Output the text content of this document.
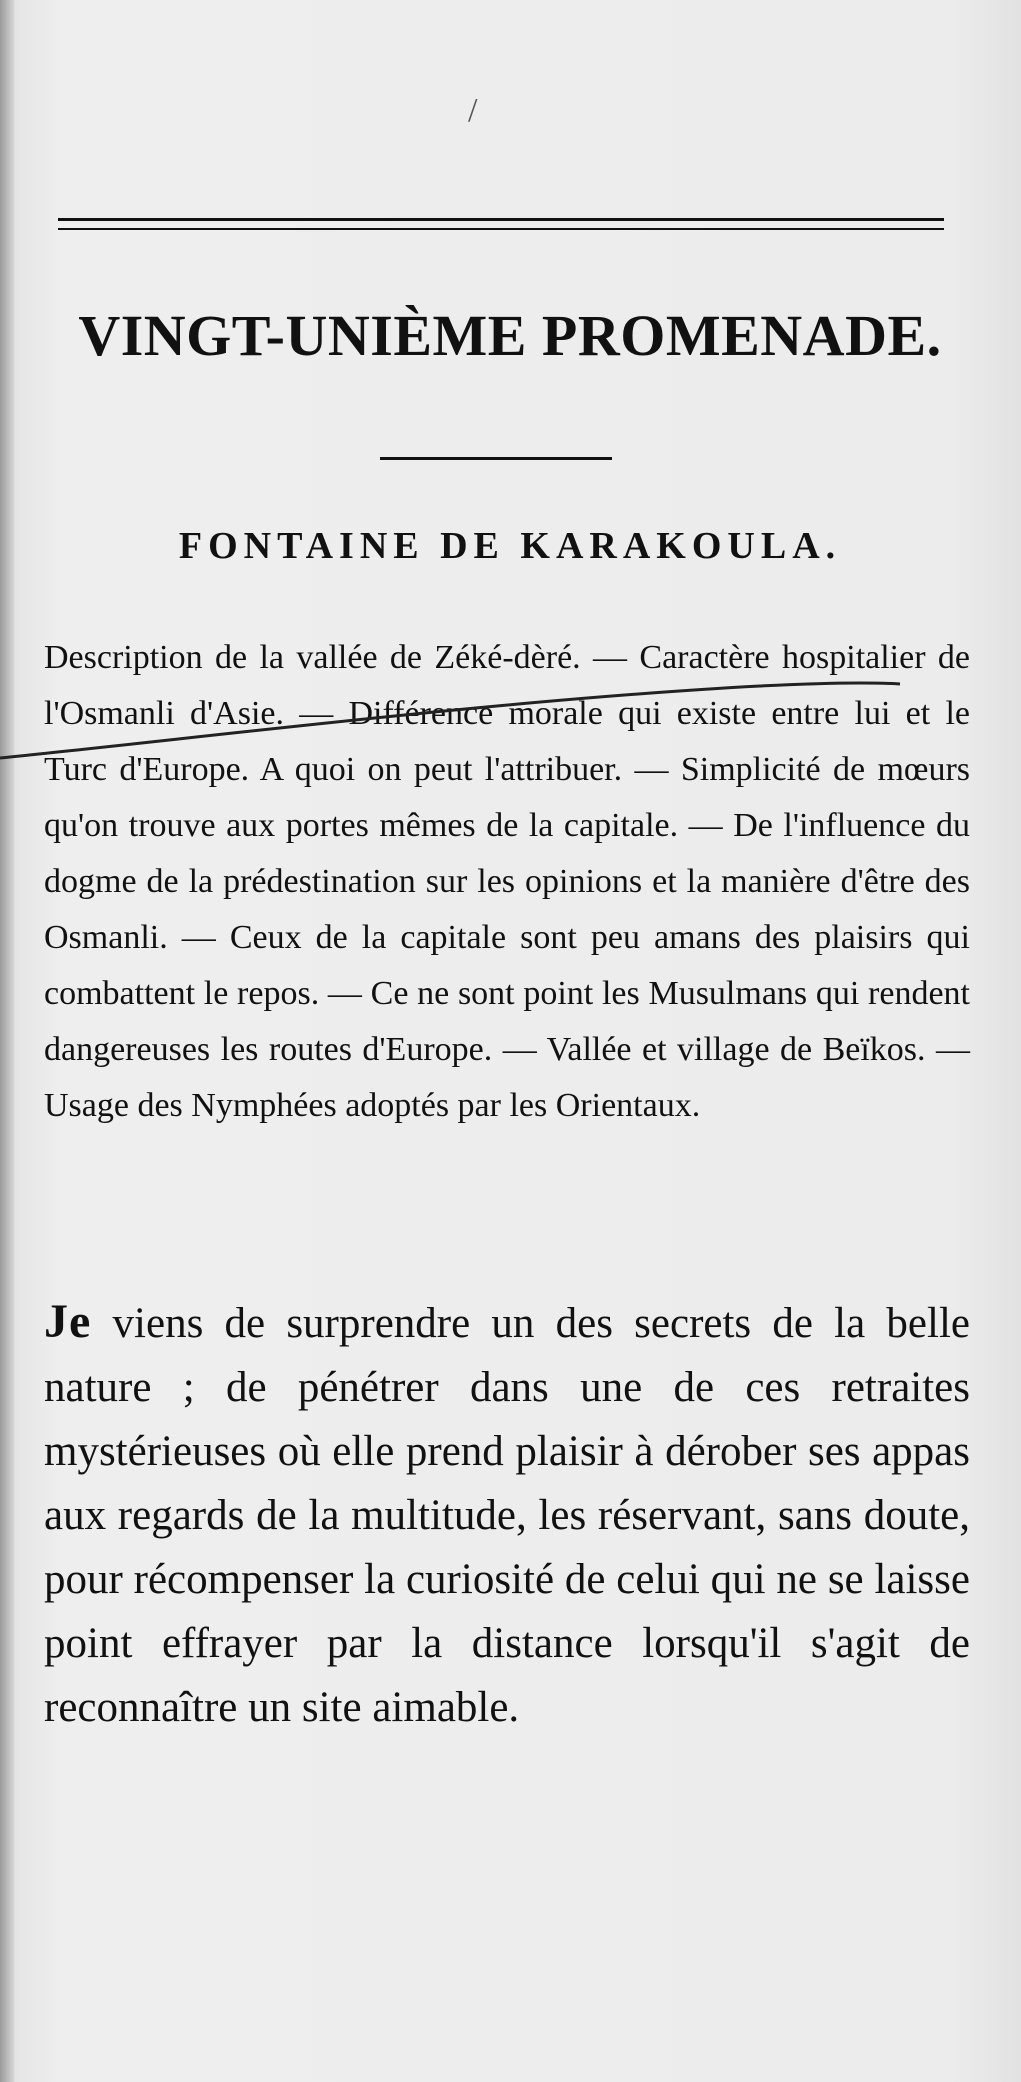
/
VINGT-UNIÈME PROMENADE.
FONTAINE DE KARAKOULA.

Description de la vallée de Zéké-dèré. — Caractère hospitalier de l'Osmanli d'Asie. — Différence morale qui existe entre lui et le Turc d'Europe. A quoi on peut l'attribuer. — Simplicité de mœurs qu'on trouve aux portes mêmes de la capitale. — De l'influence du dogme de la prédestination sur les opinions et la manière d'être des Osmanli. — Ceux de la capitale sont peu amans des plaisirs qui combattent le repos. — Ce ne sont point les Musulmans qui rendent dangereuses les routes d'Europe. — Vallée et village de Beïkos. — Usage des Nymphées adoptés par les Orientaux.

Je viens de surprendre un des secrets de la belle nature ; de pénétrer dans une de ces retraites mystérieuses où elle prend plaisir à dérober ses appas aux regards de la multitude, les réservant, sans doute, pour récompenser la curiosité de celui qui ne se laisse point effrayer par la distance lorsqu'il s'agit de reconnaître un site aimable.
